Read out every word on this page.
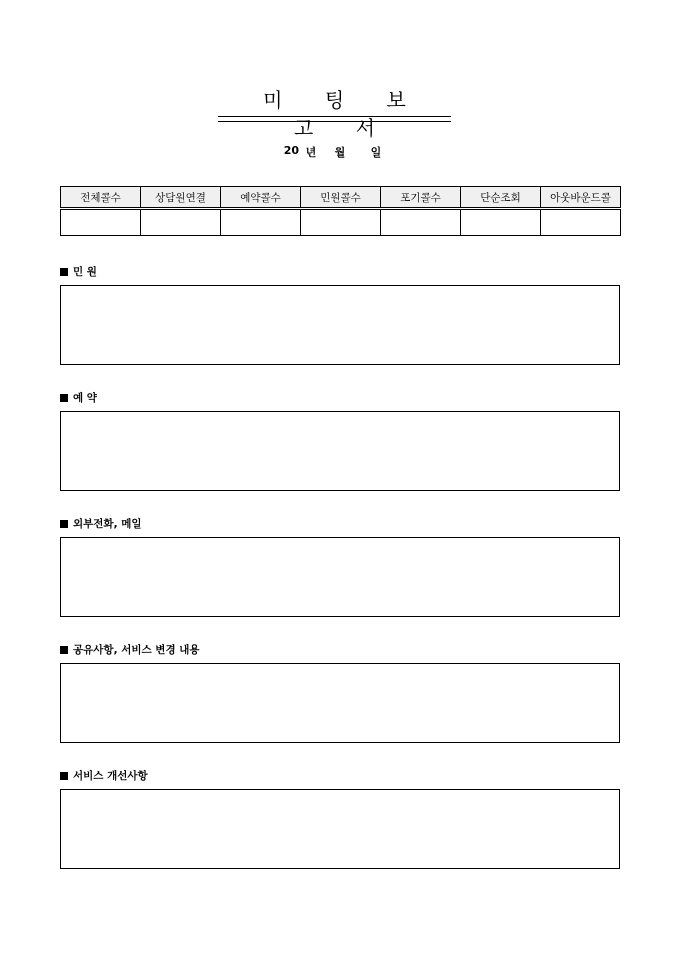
미 팅 보 고 서
20 년	월	일
전체콜수	상담원연결	예약콜수	민원콜수	포기콜수	단순조회	아웃바운드콜

민 원
예 약
외부전화, 메일
공유사항, 서비스 변경 내용
서비스 개선사항
